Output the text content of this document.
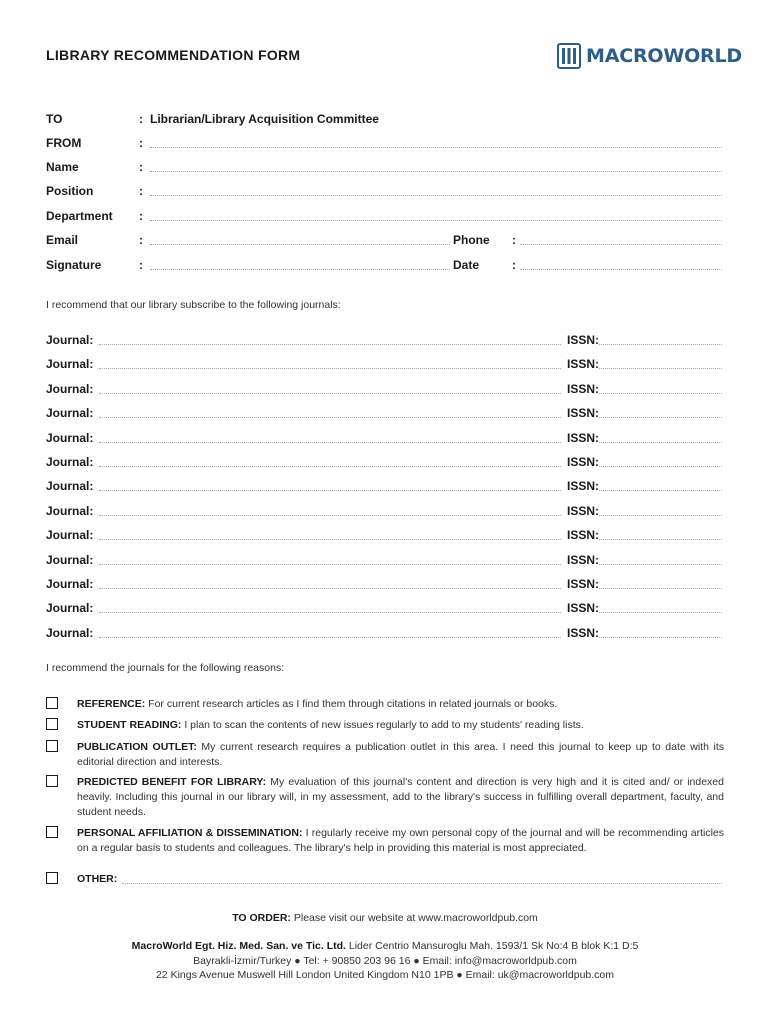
LIBRARY RECOMMENDATION FORM	MACROWORLD
TO	: Librarian/Library Acquisition Committee
FROM	:
Name	:
Position	:
Department :
Email	:	Phone :
Signature	:	Date	:
I recommend that our library subscribe to the following journals:
Journal:	ISSN:
Journal:	ISSN:
Journal:	ISSN:
Journal:	ISSN:
Journal:	ISSN:
Journal:	ISSN:
Journal:	ISSN:
Journal:	ISSN:
Journal:	ISSN:
Journal:	ISSN:
Journal:	ISSN:
Journal:	ISSN:
Journal:	ISSN:
I recommend the journals for the following reasons:
REFERENCE: For current research articles as I find them through citations in related journals or books.
STUDENT READING: I plan to scan the contents of new issues regularly to add to my students' reading lists.
PUBLICATION OUTLET: My current research requires a publication outlet in this area. I need this journal to keep up to date with its editorial direction and interests.
PREDICTED BENEFIT FOR LIBRARY: My evaluation of this journal's content and direction is very high and it is cited and/ or indexed heavily. Including this journal in our library will, in my assessment, add to the library's success in fulfilling overall department, faculty, and student needs.
PERSONAL AFFILIATION & DISSEMINATION: I regularly receive my own personal copy of the journal and will be recommending articles on a regular basis to students and colleagues. The library's help in providing this material is most appreciated.
OTHER:
TO ORDER: Please visit our website at www.macroworldpub.com
MacroWorld Egt. Hiz. Med. San. ve Tic. Ltd. Lider Centrio Mansuroglu Mah. 1593/1 Sk No:4 B blok K:1 D:5
Bayrakli-İzmir/Turkey ● Tel: + 90850 203 96 16 ● Email: info@macroworldpub.com
22 Kings Avenue Muswell Hill London United Kingdom N10 1PB ● Email: uk@macroworldpub.com
